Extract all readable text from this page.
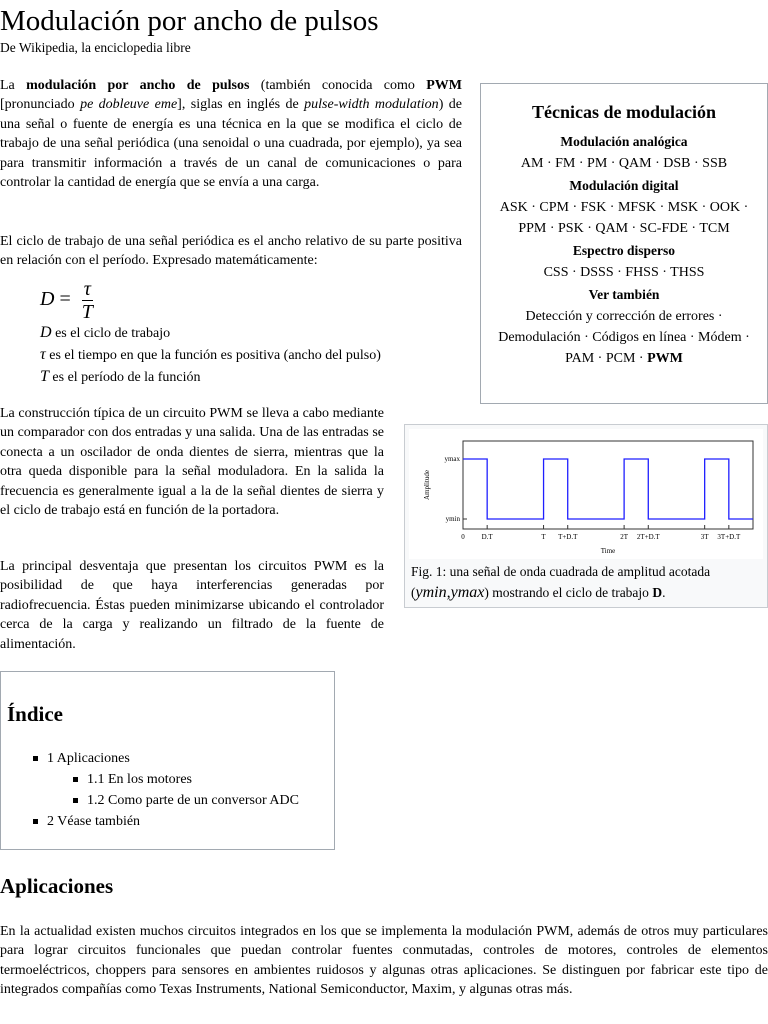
Modulación por ancho de pulsos
De Wikipedia, la enciclopedia libre

La modulación por ancho de pulsos (también conocida como PWM [pronunciado pe dobleuve eme], siglas en inglés de pulse-width modulation) de una señal o fuente de energía es una técnica en la que se modifica el ciclo de trabajo de una señal periódica (una senoidal o una cuadrada, por ejemplo), ya sea para transmitir información a través de un canal de comunicaciones o para controlar la cantidad de energía que se envía a una carga.

El ciclo de trabajo de una señal periódica es el ancho relativo de su parte positiva en relación con el período. Expresado matemáticamente:

$D = \frac{\tau}{T}$
D es el ciclo de trabajo
τ es el tiempo en que la función es positiva (ancho del pulso)
T es el período de la función

La construcción típica de un circuito PWM se lleva a cabo mediante un comparador con dos entradas y una salida. Una de las entradas se conecta a un oscilador de onda dientes de sierra, mientras que la otra queda disponible para la señal moduladora. En la salida la frecuencia es generalmente igual a la de la señal dientes de sierra y el ciclo de trabajo está en función de la portadora.

La principal desventaja que presentan los circuitos PWM es la posibilidad de que haya interferencias generadas por radiofrecuencia. Éstas pueden minimizarse ubicando el controlador cerca de la carga y realizando un filtrado de la fuente de alimentación.

Técnicas de modulación
Modulación analógica
AM · FM · PM · QAM · DSB · SSB
Modulación digital
ASK · CPM · FSK · MFSK · MSK · OOK · PPM · PSK · QAM · SC-FDE · TCM
Espectro disperso
CSS · DSSS · FHSS · THSS
Ver también
Detección y corrección de errores · Demodulación · Códigos en línea · Módem · PAM · PCM · PWM
0 D.T	T T+D.T	2T 2T+D.T	3T 3T+D.T
ymin
ymax
Time
Amplitude
Fig. 1: una señal de onda cuadrada de amplitud acotada (ymin,ymax) mostrando el ciclo de trabajo D.
Índice
1 Aplicaciones
1.1 En los motores
1.2 Como parte de un conversor ADC
2 Véase también
Aplicaciones

En la actualidad existen muchos circuitos integrados en los que se implementa la modulación PWM, además de otros muy particulares para lograr circuitos funcionales que puedan controlar fuentes conmutadas, controles de motores, controles de elementos termoeléctricos, choppers para sensores en ambientes ruidosos y algunas otras aplicaciones. Se distinguen por fabricar este tipo de integrados compañías como Texas Instruments, National Semiconductor, Maxim, y algunas otras más.
